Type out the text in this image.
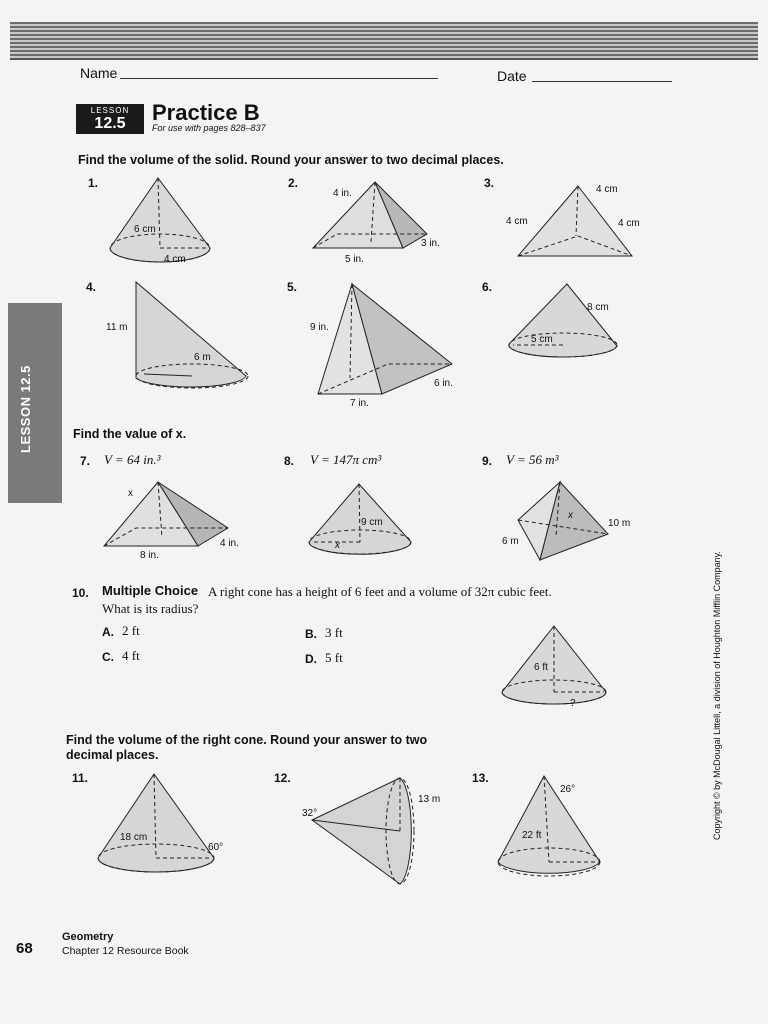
Name	Date
LESSON
12.5	Practice B
For use with pages 828–837
LESSON 12.5
Find the volume of the solid. Round your answer to two decimal places.
1.	2.	3.
6 cm
4 cm
4 in.
3 in.
5 in.
4 cm
4 cm	4 cm
4.	5.	6.
11 m
6 m
9 in.
6 in.
7 in.
8 cm
5 cm
Find the value of x.
7. V = 64 in.³	8. V = 147π cm³	9. V = 56 m³
x
8 in.
4 in.
9 cm
x
x
10 m
6 m
10. Multiple Choice A right cone has a height of 6 feet and a volume of 32π cubic feet.
What is its radius?
A. 2 ft	B. 3 ft
C. 4 ft	D. 5 ft
6 ft
?
Find the volume of the right cone. Round your answer to two
decimal places.
11.	12.	13.
18 cm
60°
32°
13 m
26°
22 ft	Copyright © by McDougal Littell, a division of Houghton Mifflin Company.
68
Geometry
Chapter 12 Resource Book
